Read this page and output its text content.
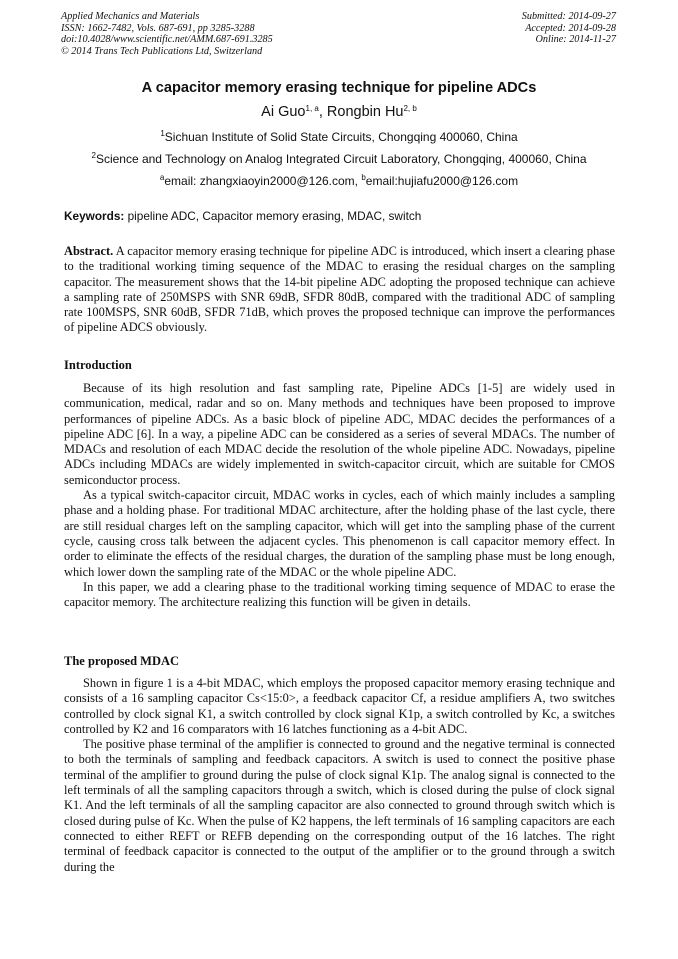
Applied Mechanics and Materials
ISSN: 1662-7482, Vols. 687-691, pp 3285-3288
doi:10.4028/www.scientific.net/AMM.687-691.3285
© 2014 Trans Tech Publications Ltd, Switzerland
Submitted: 2014-09-27
Accepted: 2014-09-28
Online: 2014-11-27
A capacitor memory erasing technique for pipeline ADCs
Ai Guo$^{1, a}$, Rongbin Hu$^{2, b}$
$^1$Sichuan Institute of Solid State Circuits, Chongqing 400060, China
$^2$Science and Technology on Analog Integrated Circuit Laboratory, Chongqing, 400060, China
$^a$email: zhangxiaoyin2000@126.com, $^b$email:hujiafu2000@126.com
Keywords: pipeline ADC, Capacitor memory erasing, MDAC, switch

Abstract. A capacitor memory erasing technique for pipeline ADC is introduced, which insert a clearing phase to the traditional working timing sequence of the MDAC to erasing the residual charges on the sampling capacitor. The measurement shows that the 14-bit pipeline ADC adopting the proposed technique can achieve a sampling rate of 250MSPS with SNR 69dB, SFDR 80dB, compared with the traditional ADC of sampling rate 100MSPS, SNR 60dB, SFDR 71dB, which proves the proposed technique can improve the performances of pipeline ADCS obviously.

Introduction

Because of its high resolution and fast sampling rate, Pipeline ADCs [1-5] are widely used in communication, medical, radar and so on. Many methods and techniques have been proposed to improve performances of pipeline ADCs. As a basic block of pipeline ADC, MDAC decides the performances of a pipeline ADC [6]. In a way, a pipeline ADC can be considered as a series of several MDACs. The number of MDACs and resolution of each MDAC decide the resolution of the whole pipeline ADC. Nowadays, pipeline ADCs including MDACs are widely implemented in switch-capacitor circuit, which are suitable for CMOS semiconductor process.

As a typical switch-capacitor circuit, MDAC works in cycles, each of which mainly includes a sampling phase and a holding phase. For traditional MDAC architecture, after the holding phase of the last cycle, there are still residual charges left on the sampling capacitor, which will get into the sampling phase of the current cycle, causing cross talk between the adjacent cycles. This phenomenon is call capacitor memory effect. In order to eliminate the effects of the residual charges, the duration of the sampling phase must be long enough, which lower down the sampling rate of the MDAC or the whole pipeline ADC.

In this paper, we add a clearing phase to the traditional working timing sequence of MDAC to erase the capacitor memory. The architecture realizing this function will be given in details.

The proposed MDAC

Shown in figure 1 is a 4-bit MDAC, which employs the proposed capacitor memory erasing technique and consists of a 16 sampling capacitor Cs<15:0>, a feedback capacitor Cf, a residue amplifiers A, two switches controlled by clock signal K1, a switch controlled by clock signal K1p, a switch controlled by Kc, a switches controlled by K2 and 16 comparators with 16 latches functioning as a 4-bit ADC.

The positive phase terminal of the amplifier is connected to ground and the negative terminal is connected to both the terminals of sampling and feedback capacitors. A switch is used to connect the positive phase terminal of the amplifier to ground during the pulse of clock signal K1p. The analog signal is connected to the left terminals of all the sampling capacitors through a switch, which is closed during the pulse of clock signal K1. And the left terminals of all the sampling capacitor are also connected to ground through switch which is closed during pulse of Kc. When the pulse of K2 happens, the left terminals of 16 sampling capacitors are each connected to either REFT or REFB depending on the corresponding output of the 16 latches. The right terminal of feedback capacitor is connected to the output of the amplifier or to the ground through a switch during the
